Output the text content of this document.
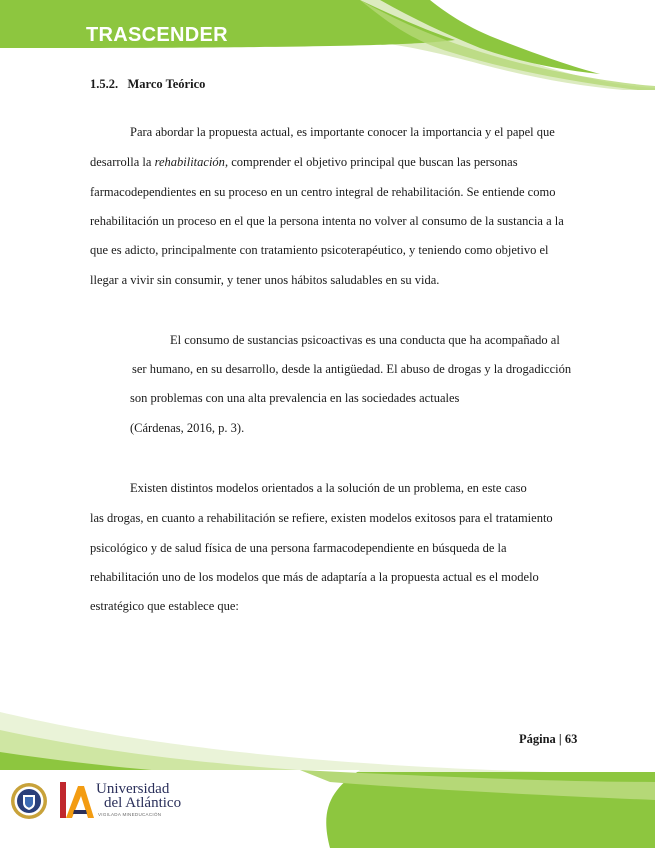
TRASCENDER
1.5.2.   Marco Teórico
Para abordar la propuesta actual, es importante conocer la importancia y el papel que
desarrolla la rehabilitación, comprender el objetivo principal que buscan las personas
farmacodependientes en su proceso en un centro integral de rehabilitación. Se entiende como
rehabilitación un proceso en el que la persona intenta no volver al consumo de la sustancia a la
que es adicto, principalmente con tratamiento psicoterapéutico, y teniendo como objetivo el
llegar a vivir sin consumir, y tener unos hábitos saludables en su vida.
El consumo de sustancias psicoactivas es una conducta que ha acompañado al
ser humano, en su desarrollo, desde la antigüedad. El abuso de drogas y la drogadicción
son problemas con una alta prevalencia en las sociedades actuales
(Cárdenas, 2016, p. 3).
Existen distintos modelos orientados a la solución de un problema, en este caso
las drogas, en cuanto a rehabilitación se refiere, existen modelos exitosos para el tratamiento
psicológico y de salud física de una persona farmacodependiente en búsqueda de la
rehabilitación uno de los modelos que más de adaptaría a la propuesta actual es el modelo
estratégico que establece que:
Página | 63
Universidad
del Atlántico
VIGILADA MINEDUCACIÓN
